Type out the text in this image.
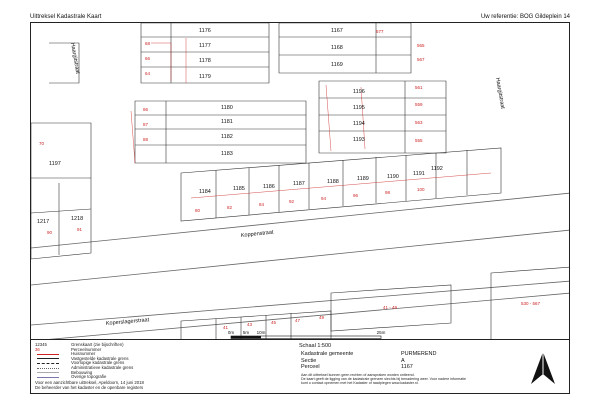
Uittreksel Kadastrale Kaart	Uw referentie: BOG Gildeplein 14
1176	1167
1177	1168
1178
1169
1179
1180
1196
1181
1195
1182
1194
1193
1183
1197
1192
1191
1190
1189
1188
1187
1186
1185
1184
1217	1218
68
66
64
86
87
88
577
565
567
561
559
563
555
70
80
82
84
92
94
96
98
100
90
91
41
43	45	47
49
41 - 49
530 - 567
Haargitstraat
Haargitstraat
Koppenstraat
Koperslagerstraat
12345	Grenskaart (zie bijschriften)
36	Perceelnummer
Huisnummer
Vastgestelde kadastrale grens
Voorlopige kadastrale grens
Administratieve kadastrale grens
Bebouwing
Overige topografie
Voor een aanzichtbare uittreksel, Apeldoorn, 14 juni 2018
De beheerder van het kadaster en de openbare registers
Schaal 1:500
0m 5m 10m	25m
Kadastrale gemeente	PURMEREND
Sectie	A
Perceel	1167
Aan dit uittreksel kunnen geen rechten of aanspraken worden ontleend.
De kaart geeft de ligging van de kadastrale grenzen slechts bij benadering weer. Voor nadere informatie
kunt u contact opnemen met het Kadaster of raadplegen www.kadaster.nl.
